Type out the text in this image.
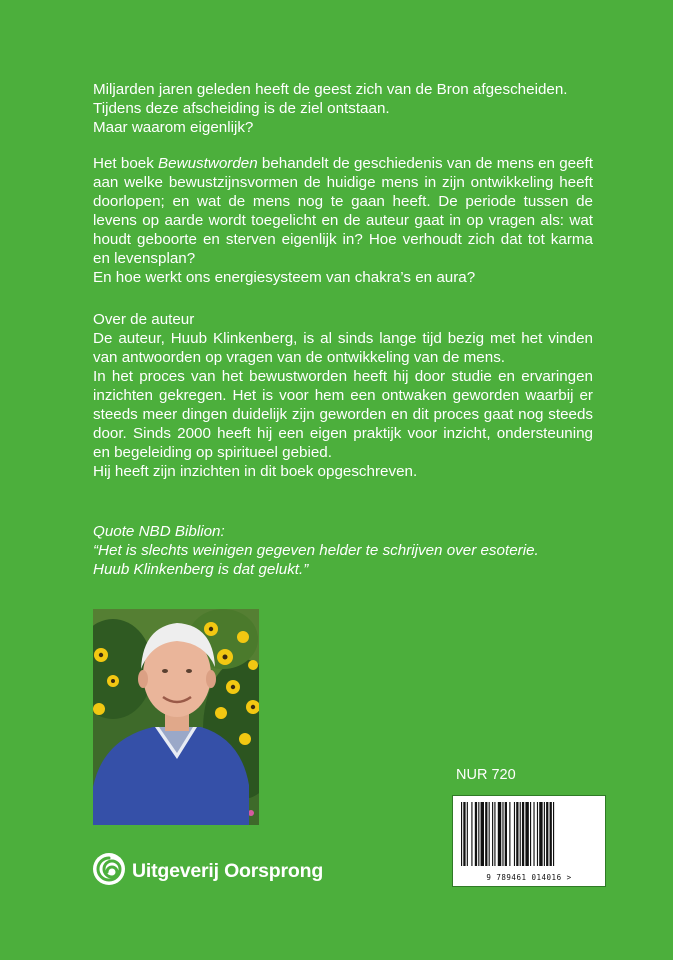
Miljarden jaren geleden heeft de geest zich van de Bron afgescheiden.
Tijdens deze afscheiding is de ziel ontstaan.
Maar waarom eigenlijk?

Het boek Bewustworden behandelt de geschiedenis van de mens en geeft aan welke bewustzijnsvormen de huidige mens in zijn ontwikkeling heeft doorlopen; en wat de mens nog te gaan heeft. De periode tussen de levens op aarde wordt toegelicht en de auteur gaat in op vragen als: wat houdt geboorte en sterven eigenlijk in? Hoe verhoudt zich dat tot karma en levensplan?

En hoe werkt ons energiesysteem van chakra’s en aura?

Over de auteur

De auteur, Huub Klinkenberg, is al sinds lange tijd bezig met het vinden van antwoorden op vragen van de ontwikkeling van de mens.
In het proces van het bewustworden heeft hij door studie en ervaringen inzichten gekregen. Het is voor hem een ontwaken geworden waarbij er steeds meer dingen duidelijk zijn geworden en dit proces gaat nog steeds door. Sinds 2000 heeft hij een eigen praktijk voor inzicht, ondersteuning en begeleiding op spiritueel gebied.

Hij heeft zijn inzichten in dit boek opgeschreven.

Quote NBD Biblion:

“Het is slechts weinigen gegeven helder te schrijven over esoterie.
Huub Klinkenberg is dat gelukt.”

NUR 720
9 789461 014016 >
Uitgeverij Oorsprong
